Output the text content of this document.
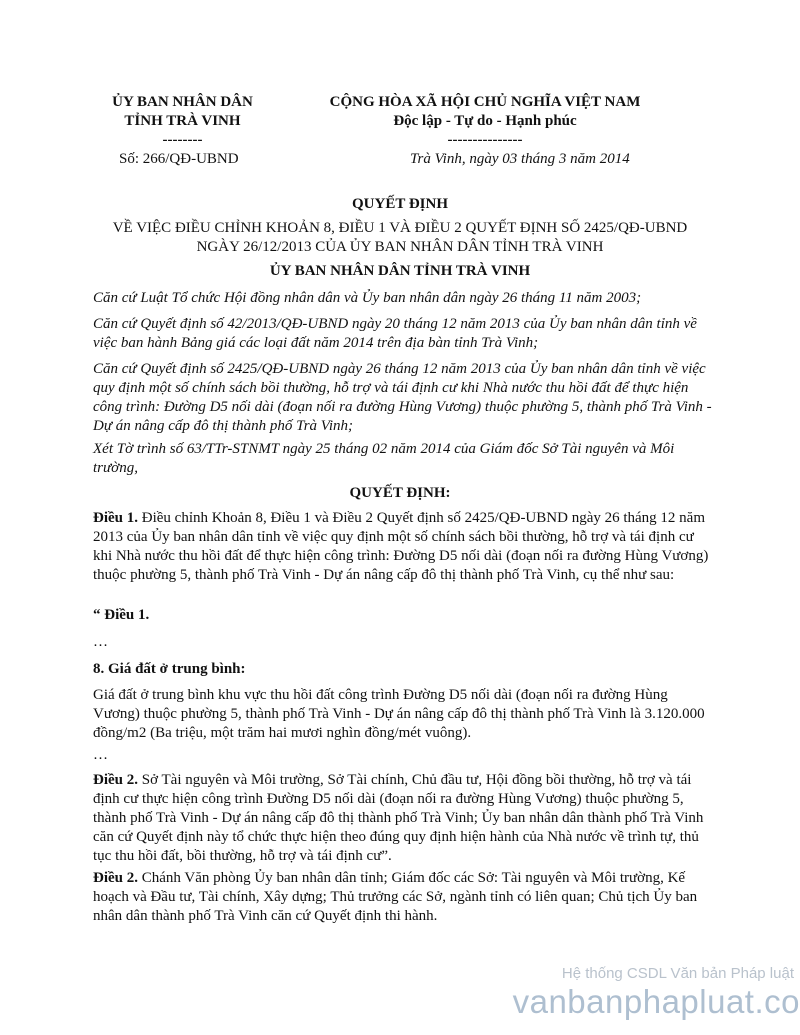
ỦY BAN NHÂN DÂN
TỈNH TRÀ VINH
--------
CỘNG HÒA XÃ HỘI CHỦ NGHĨA VIỆT NAM
Độc lập - Tự do - Hạnh phúc
---------------
Số: 266/QĐ-UBND	Trà Vinh, ngày 03 tháng 3 năm 2014
QUYẾT ĐỊNH
VỀ VIỆC ĐIỀU CHỈNH KHOẢN 8, ĐIỀU 1 VÀ ĐIỀU 2 QUYẾT ĐỊNH SỐ 2425/QĐ-UBND
NGÀY 26/12/2013 CỦA ỦY BAN NHÂN DÂN TỈNH TRÀ VINH
ỦY BAN NHÂN DÂN TỈNH TRÀ VINH
Căn cứ Luật Tổ chức Hội đồng nhân dân và Ủy ban nhân dân ngày 26 tháng 11 năm 2003;
Căn cứ Quyết định số 42/2013/QĐ-UBND ngày 20 tháng 12 năm 2013 của Ủy ban nhân dân tỉnh về việc ban hành Bảng giá các loại đất năm 2014 trên địa bàn tỉnh Trà Vinh;
Căn cứ Quyết định số 2425/QĐ-UBND ngày 26 tháng 12 năm 2013 của Ủy ban nhân dân tỉnh về việc quy định một số chính sách bồi thường, hỗ trợ và tái định cư khi Nhà nước thu hồi đất để thực hiện công trình: Đường D5 nối dài (đoạn nối ra đường Hùng Vương) thuộc phường 5, thành phố Trà Vinh - Dự án nâng cấp đô thị thành phố Trà Vinh;
Xét Tờ trình số 63/TTr-STNMT ngày 25 tháng 02 năm 2014 của Giám đốc Sở Tài nguyên và Môi trường,
QUYẾT ĐỊNH:

Điều 1. Điều chỉnh Khoản 8, Điều 1 và Điều 2 Quyết định số 2425/QĐ-UBND ngày 26 tháng 12 năm 2013 của Ủy ban nhân dân tỉnh về việc quy định một số chính sách bồi thường, hỗ trợ và tái định cư khi Nhà nước thu hồi đất để thực hiện công trình: Đường D5 nối dài (đoạn nối ra đường Hùng Vương) thuộc phường 5, thành phố Trà Vinh - Dự án nâng cấp đô thị thành phố Trà Vinh, cụ thể như sau:

“ Điều 1.
…
8. Giá đất ở trung bình:
Giá đất ở trung bình khu vực thu hồi đất công trình Đường D5 nối dài (đoạn nối ra đường Hùng Vương) thuộc phường 5, thành phố Trà Vinh - Dự án nâng cấp đô thị thành phố Trà Vinh là 3.120.000 đồng/m2 (Ba triệu, một trăm hai mươi nghìn đồng/mét vuông).
…

Điều 2. Sở Tài nguyên và Môi trường, Sở Tài chính, Chủ đầu tư, Hội đồng bồi thường, hỗ trợ và tái định cư thực hiện công trình Đường D5 nối dài (đoạn nối ra đường Hùng Vương) thuộc phường 5, thành phố Trà Vinh - Dự án nâng cấp đô thị thành phố Trà Vinh; Ủy ban nhân dân thành phố Trà Vinh căn cứ Quyết định này tổ chức thực hiện theo đúng quy định hiện hành của Nhà nước về trình tự, thủ tục thu hồi đất, bồi thường, hỗ trợ và tái định cư”.

Điều 2. Chánh Văn phòng Ủy ban nhân dân tỉnh; Giám đốc các Sở: Tài nguyên và Môi trường, Kế hoạch và Đầu tư, Tài chính, Xây dựng; Thủ trưởng các Sở, ngành tỉnh có liên quan; Chủ tịch Ủy ban nhân dân thành phố Trà Vinh căn cứ Quyết định thi hành.

Hệ thống CSDL Văn bản Pháp luật
vanbanphapluat.co
